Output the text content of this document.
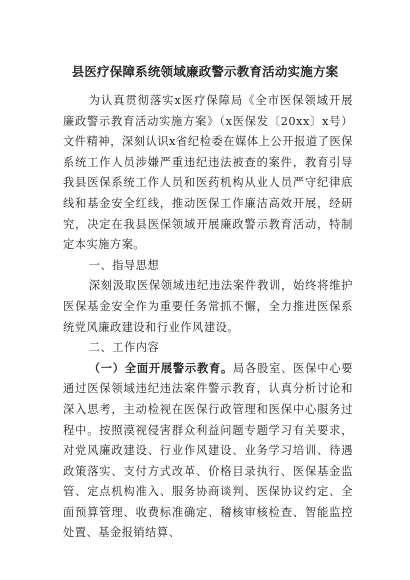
县医疗保障系统领域廉政警示教育活动实施方案

为认真贯彻落实x医疗保障局《全市医保领域开展廉政警示教育活动实施方案》（x医保发〔20xx〕x号）文件精神，深刻认识x省纪检委在媒体上公开报道了医保系统工作人员涉嫌严重违纪违法被查的案件，教育引导我县医保系统工作人员和医药机构从业人员严守纪律底线和基金安全红线，推动医保工作廉洁高效开展，经研究，决定在我县医保领域开展廉政警示教育活动，特制定本实施方案。

一、指导思想

深刻汲取医保领域违纪违法案件教训，始终将维护医保基金安全作为重要任务常抓不懈，全力推进医保系统党风廉政建设和行业作风建设。

二、工作内容

（一）全面开展警示教育。局各股室、医保中心要通过医保领域违纪违法案件警示教育，认真分析讨论和深入思考，主动检视在医保行政管理和医保中心服务过程中。按照漠视侵害群众利益问题专题学习有关要求，对党风廉政建设、行业作风建设、业务学习培训、待遇政策落实、支付方式改革、价格目录执行、医保基金监管、定点机构准入、服务协商谈判、医保协议约定、全面预算管理、收费标准确定、稽核审核检查、智能监控处置、基金报销结算、
